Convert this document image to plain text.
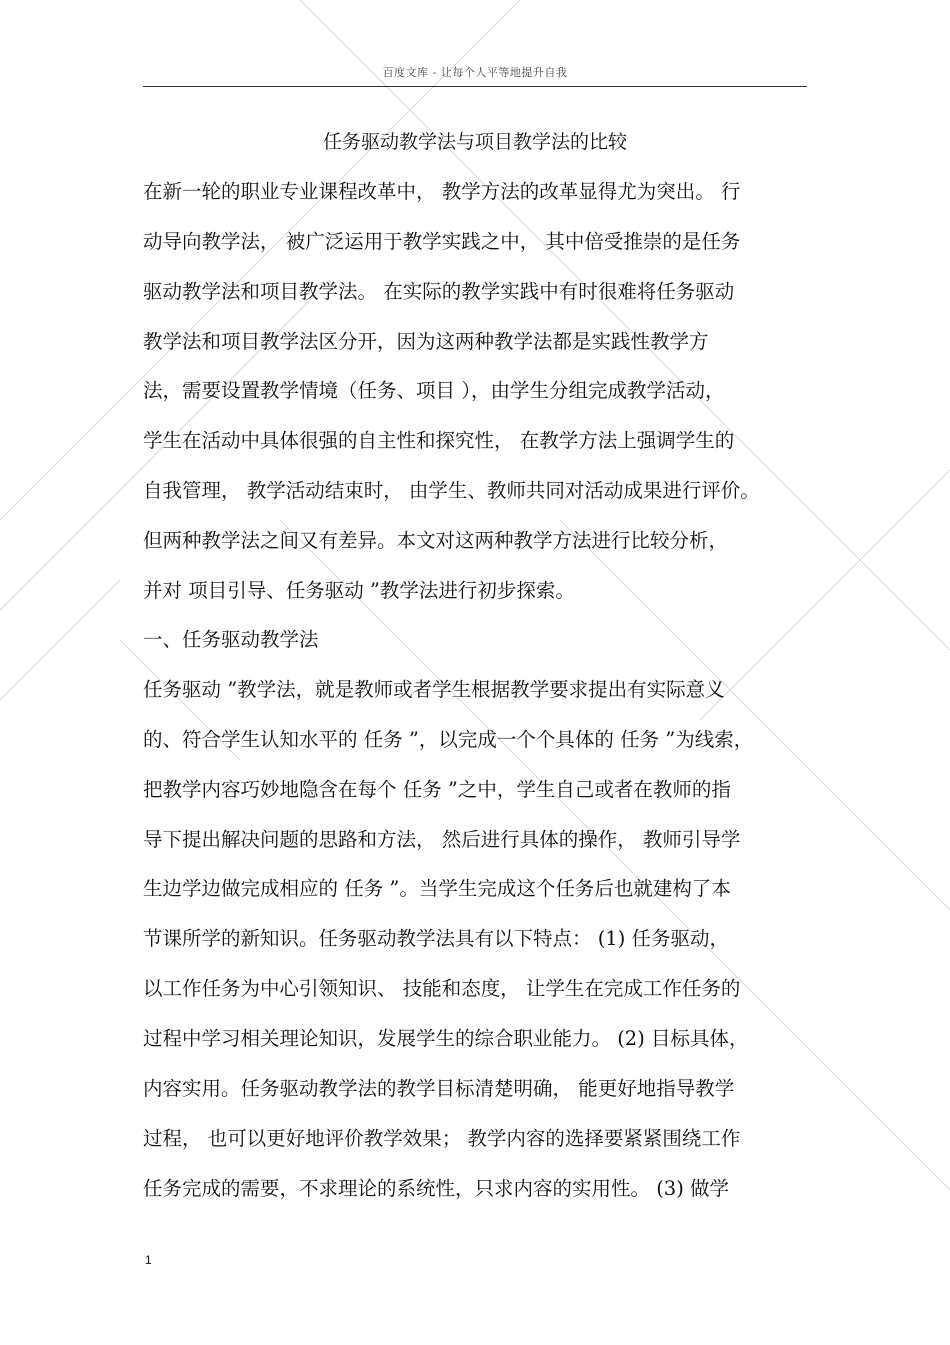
百度文库 - 让每个人平等地提升自我
任务驱动教学法与项目教学法的比较
在新一轮的职业专业课程改革中， 教学方法的改革显得尤为突出。 行
动导向教学法， 被广泛运用于教学实践之中， 其中倍受推崇的是任务
驱动教学法和项目教学法。 在实际的教学实践中有时很难将任务驱动
教学法和项目教学法区分开，因为这两种教学法都是实践性教学方
法，需要设置教学情境（任务、项目 ），由学生分组完成教学活动，
学生在活动中具体很强的自主性和探究性， 在教学方法上强调学生的
自我管理， 教学活动结束时， 由学生、教师共同对活动成果进行评价。
但两种教学法之间又有差异。本文对这两种教学方法进行比较分析，
并对 项目引导、任务驱动 ”教学法进行初步探索。
一、任务驱动教学法
任务驱动 ”教学法，就是教师或者学生根据教学要求提出有实际意义
的、符合学生认知水平的 任务 ”，以完成一个个具体的 任务 ”为线索，
把教学内容巧妙地隐含在每个 任务 ”之中，学生自己或者在教师的指
导下提出解决问题的思路和方法， 然后进行具体的操作， 教师引导学
生边学边做完成相应的 任务 ”。当学生完成这个任务后也就建构了本
节课所学的新知识。任务驱动教学法具有以下特点： (1) 任务驱动，
以工作任务为中心引领知识、 技能和态度， 让学生在完成工作任务的
过程中学习相关理论知识，发展学生的综合职业能力。 (2) 目标具体，
内容实用。任务驱动教学法的教学目标清楚明确， 能更好地指导教学
过程， 也可以更好地评价教学效果； 教学内容的选择要紧紧围绕工作
任务完成的需要，不求理论的系统性，只求内容的实用性。 (3) 做学
1
